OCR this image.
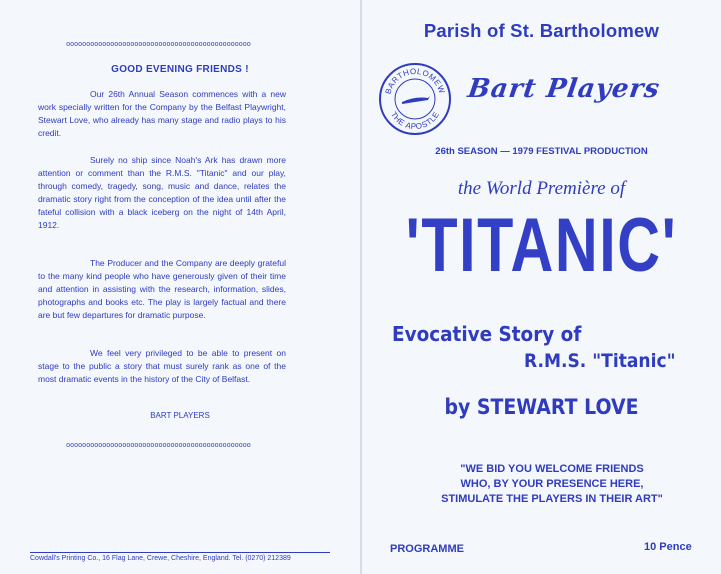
oooooooooooooooooooooooooooooooooooooooooooooo
GOOD EVENING FRIENDS !

Our 26th Annual Season commences with a new work specially written for the Company by the Belfast Playwright, Stewart Love, who already has many stage and radio plays to his credit.

Surely no ship since Noah's Ark has drawn more attention or comment than the R.M.S. "Titanic" and our play, through comedy, tragedy, song, music and dance, relates the dramatic story right from the conception of the idea until after the fateful collision with a black iceberg on the night of 14th April, 1912.

The Producer and the Company are deeply grateful to the many kind people who have generously given of their time and attention in assisting with the research, information, slides, photographs and books etc. The play is largely factual and there are but few departures for dramatic purpose.

We feel very privileged to be able to present on stage to the public a story that must surely rank as one of the most dramatic events in the history of the City of Belfast.

BART PLAYERS
oooooooooooooooooooooooooooooooooooooooooooooo
Cowdall's Printing Co., 16 Flag Lane, Crewe, Cheshire, England. Tel. (0270) 212389
Parish of St. Bartholomew
BARTHOLOMEW
THE APOSTLE
Bart Players
26th SEASON — 1979 FESTIVAL PRODUCTION
the World Première of
'TITANIC'
Evocative Story of
R.M.S. "Titanic"
by STEWART LOVE
"WE BID YOU WELCOME FRIENDS
WHO, BY YOUR PRESENCE HERE,
STIMULATE THE PLAYERS IN THEIR ART"
PROGRAMME	10 Pence
